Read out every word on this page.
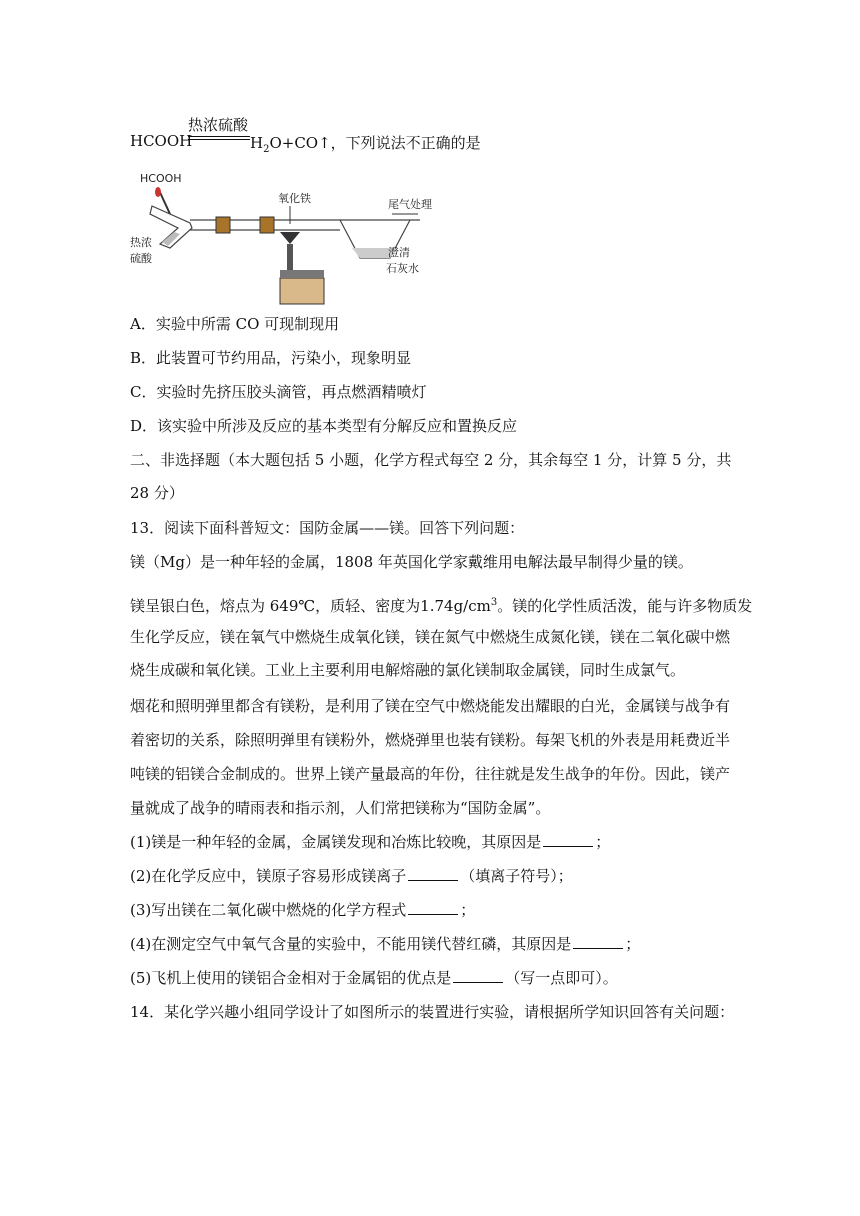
HCOOH
热浓硫酸
$H_2O+CO↑$，下列说法不正确的是
HCOOH
热浓
硫酸
氧化铁	尾气处理
澄清
石灰水
A．实验中所需 CO 可现制现用
B．此装置可节约用品，污染小，现象明显
C．实验时先挤压胶头滴管，再点燃酒精喷灯
D．该实验中所涉及反应的基本类型有分解反应和置换反应
二、非选择题（本大题包括 5 小题，化学方程式每空 2 分，其余每空 1 分，计算 5 分，共
28 分）
13．阅读下面科普短文：国防金属——镁。回答下列问题：
镁（Mg）是一种年轻的金属，1808 年英国化学家戴维用电解法最早制得少量的镁。
镁呈银白色，熔点为 649℃，质轻、密度为$1.74g/cm^3$。镁的化学性质活泼，能与许多物质发
生化学反应，镁在氧气中燃烧生成氧化镁，镁在氮气中燃烧生成氮化镁，镁在二氧化碳中燃
烧生成碳和氧化镁。工业上主要利用电解熔融的氯化镁制取金属镁，同时生成氯气。
烟花和照明弹里都含有镁粉，是利用了镁在空气中燃烧能发出耀眼的白光，金属镁与战争有
着密切的关系，除照明弹里有镁粉外，燃烧弹里也装有镁粉。每架飞机的外表是用耗费近半
吨镁的铝镁合金制成的。世界上镁产量最高的年份，往往就是发生战争的年份。因此，镁产
量就成了战争的晴雨表和指示剂，人们常把镁称为“国防金属”。
(1)镁是一种年轻的金属，金属镁发现和冶炼比较晚，其原因是	；
(2)在化学反应中，镁原子容易形成镁离子	（填离子符号）；
(3)写出镁在二氧化碳中燃烧的化学方程式	；
(4)在测定空气中氧气含量的实验中，不能用镁代替红磷，其原因是	；
(5)飞机上使用的镁铝合金相对于金属铝的优点是	（写一点即可）。
14．某化学兴趣小组同学设计了如图所示的装置进行实验，请根据所学知识回答有关问题：
